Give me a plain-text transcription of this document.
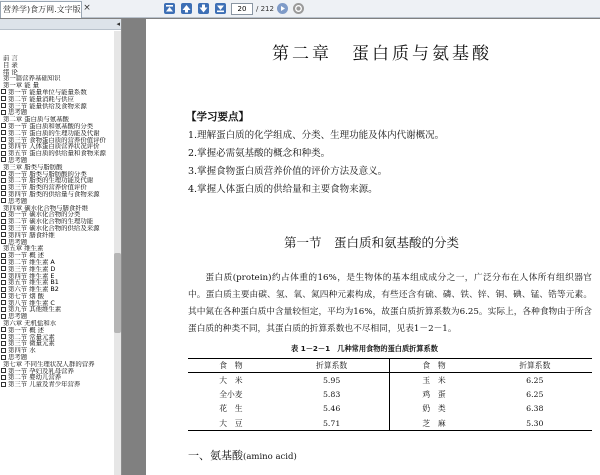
营养学)食万网.文字版 ×	20	/ 212
◂
前 言
目 录
绪 论
第一篇营养基础知识
第一章 能 量
第一节 能量单位与能量系数
第二节 能量消耗与供应
第三节 能量供给及食物来源
思考题
第二章 蛋白质与氨基酸
第一节 蛋白质和氨基酸的分类
第二节 蛋白质的生理功能及代谢
第三节 食物蛋白质的营养价值评价
第四节 人体蛋白质营养状况评价
第五节 蛋白质的供给量和食物来源
思考题
第三章 脂类与脂肪酸
第一节 脂类与脂肪酸的分类
第二节 脂类的生理功能及代谢
第三节 脂类的营养价值评价
第四节 脂类的供给量与食物来源
思考题
第四章 碳水化合物与膳食纤维
第一节 碳水化合物的分类
第二节 碳水化合物的生理功能
第三节 碳水化合物的供给及来源
第四节 膳食纤维
思考题
第五章 维生素
第一节 概 述
第二节 维生素 A
第三节 维生素 D
第四节 维生素 E
第五节 维生素 B1
第六节 维生素 B2
第七节 烟 酸
第八节 维生素 C
第九节 其他维生素
思考题
第六章 无机盐和水
第一节 概 述
第二节 常量元素
第三节 微量元素
第四节 水
思考题
第七章 不同生理状况人群的营养
第一节 孕妇及乳母营养
第二节 婴幼儿营养
第三节 儿童及青少年营养
第二章　蛋白质与氨基酸
【学习要点】
1.理解蛋白质的化学组成、分类、生理功能及体内代谢概况。
2.掌握必需氨基酸的概念和种类。
3.掌握食物蛋白质营养价值的评价方法及意义。
4.掌握人体蛋白质的供给量和主要食物来源。
第一节　蛋白质和氨基酸的分类
蛋白质(protein)约占体重的16%，是生物体的基本组成成分之一，广泛分布在人体所有组织器官中。蛋白质主要由碳、氢、氧、氮四种元素构成，有些还含有硫、磷、铁、锌、铜、碘、锰、锆等元素。其中氮在各种蛋白质中含量较恒定，平均为16%，故蛋白质折算系数为6.25。实际上，各种食物由于所含蛋白质的种类不同，其蛋白质的折算系数也不尽相同，见表1－2－1。
表 1－2－1　几种常用食物的蛋白质折算系数
食　物	折算系数	食　物	折算系数
大　米	5.95	玉　米	6.25
全小麦	5.83	鸡　蛋	6.25
花　生	5.46	奶　类	6.38
大　豆	5.71	芝　麻	5.30
一、氨基酸(amino acid)
